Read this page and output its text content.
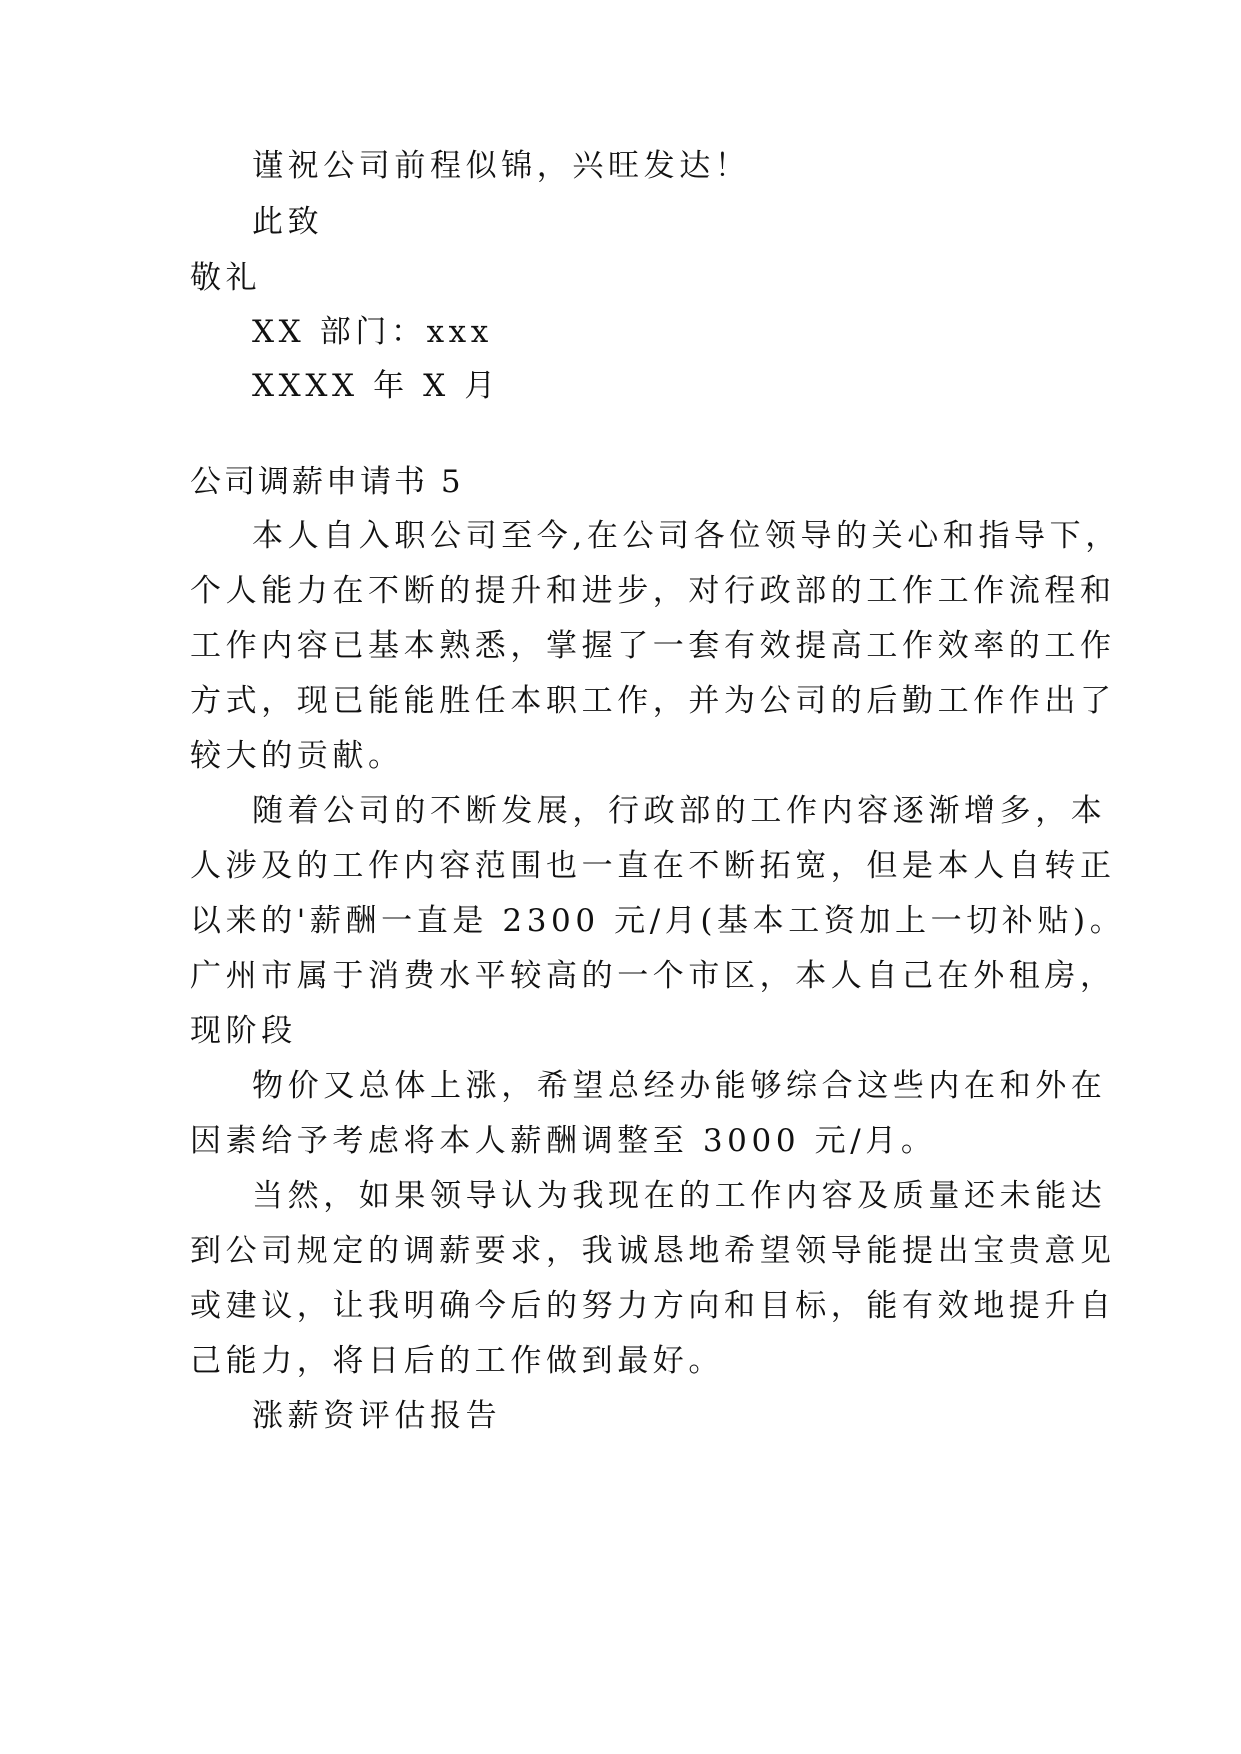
谨祝公司前程似锦，兴旺发达！

此致

敬礼

XX 部门：xxx

XXXX 年 X 月

公司调薪申请书 5

本人自入职公司至今,在公司各位领导的关心和指导下，

个人能力在不断的提升和进步，对行政部的工作工作流程和

工作内容已基本熟悉，掌握了一套有效提高工作效率的工作

方式，现已能能胜任本职工作，并为公司的后勤工作作出了

较大的贡献。

随着公司的不断发展，行政部的工作内容逐渐增多，本

人涉及的工作内容范围也一直在不断拓宽，但是本人自转正

以来的'薪酬一直是 2300 元/月(基本工资加上一切补贴)。

广州市属于消费水平较高的一个市区，本人自己在外租房，

现阶段

物价又总体上涨，希望总经办能够综合这些内在和外在

因素给予考虑将本人薪酬调整至 3000 元/月。

当然，如果领导认为我现在的工作内容及质量还未能达

到公司规定的调薪要求，我诚恳地希望领导能提出宝贵意见

或建议，让我明确今后的努力方向和目标，能有效地提升自

己能力，将日后的工作做到最好。

涨薪资评估报告
